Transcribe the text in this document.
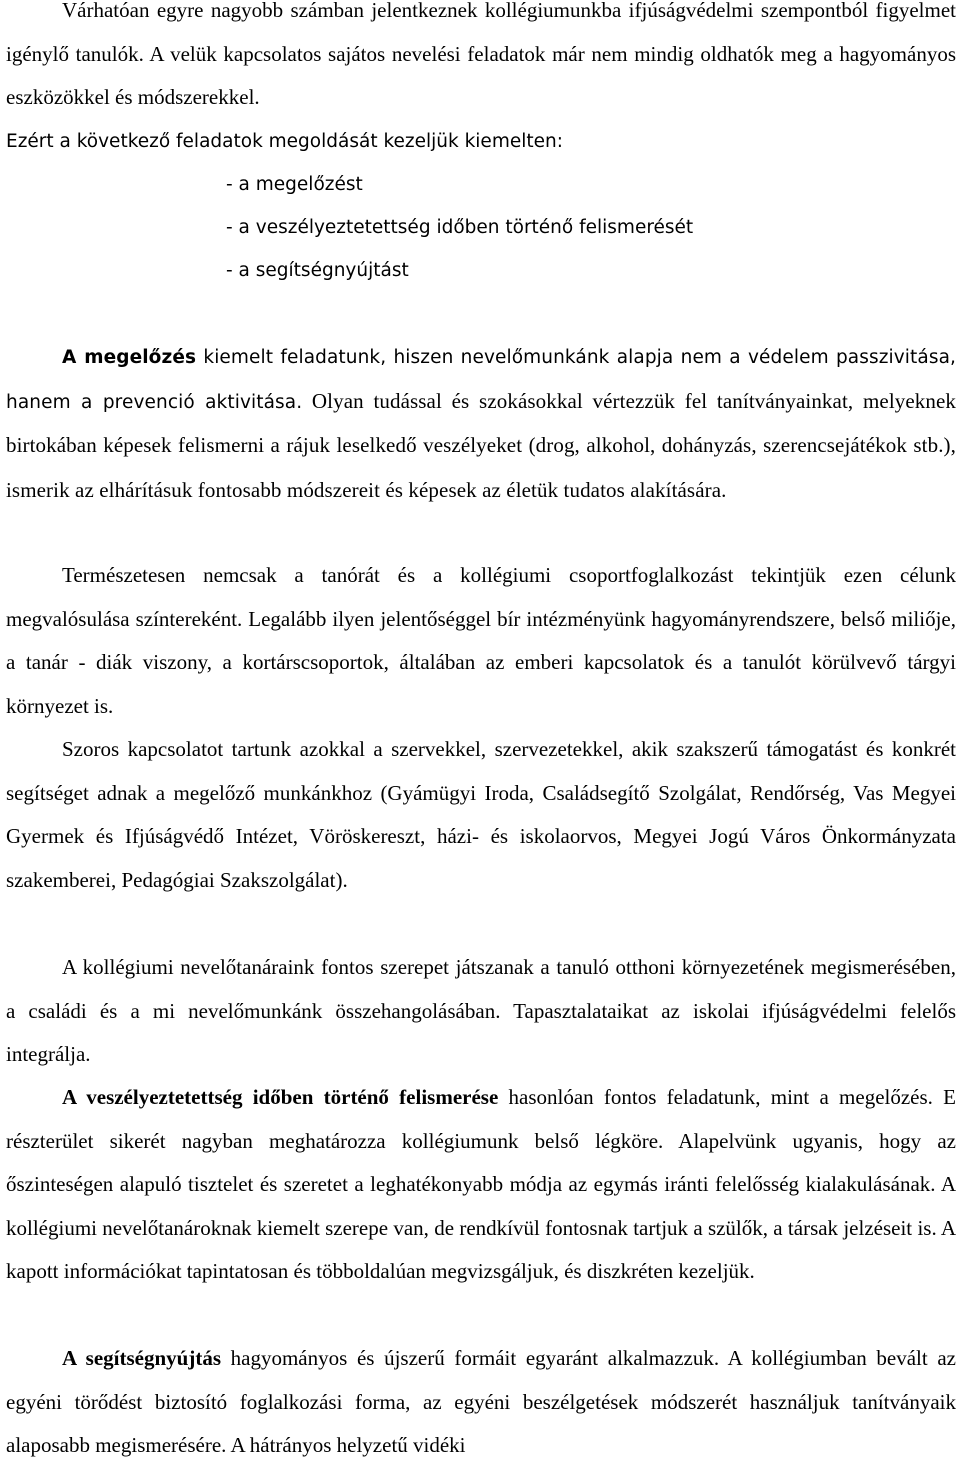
Várhatóan egyre nagyobb számban jelentkeznek kollégiumunkba ifjúságvédelmi szempontból figyelmet igénylő tanulók. A velük kapcsolatos sajátos nevelési feladatok már nem mindig oldhatók meg a hagyományos eszközökkel és módszerekkel.

Ezért a következő feladatok megoldását kezeljük kiemelten:

- a megelőzést

- a veszélyeztetettség időben történő felismerését

- a segítségnyújtást

A megelőzés kiemelt feladatunk, hiszen nevelőmunkánk alapja nem a védelem passzivitása, hanem a prevenció aktivitása. Olyan tudással és szokásokkal vértezzük fel tanítványainkat, melyeknek birtokában képesek felismerni a rájuk leselkedő veszélyeket (drog, alkohol, dohányzás, szerencsejátékok stb.), ismerik az elhárításuk fontosabb módszereit és képesek az életük tudatos alakítására.

Természetesen nemcsak a tanórát és a kollégiumi csoportfoglalkozást tekintjük ezen célunk megvalósulása színtereként. Legalább ilyen jelentőséggel bír intézményünk hagyományrendszere, belső miliője, a tanár - diák viszony, a kortárscsoportok, általában az emberi kapcsolatok és a tanulót körülvevő tárgyi környezet is.

Szoros kapcsolatot tartunk azokkal a szervekkel, szervezetekkel, akik szakszerű támogatást és konkrét segítséget adnak a megelőző munkánkhoz (Gyámügyi Iroda, Családsegítő Szolgálat, Rendőrség, Vas Megyei Gyermek és Ifjúságvédő Intézet, Vöröskereszt, házi- és iskolaorvos, Megyei Jogú Város Önkormányzata szakemberei, Pedagógiai Szakszolgálat).

A kollégiumi nevelőtanáraink fontos szerepet játszanak a tanuló otthoni környezetének megismerésében, a családi és a mi nevelőmunkánk összehangolásában. Tapasztalataikat az iskolai ifjúságvédelmi felelős integrálja.

A veszélyeztetettség időben történő felismerése hasonlóan fontos feladatunk, mint a megelőzés. E részterület sikerét nagyban meghatározza kollégiumunk belső légköre. Alapelvünk ugyanis, hogy az őszinteségen alapuló tisztelet és szeretet a leghatékonyabb módja az egymás iránti felelősség kialakulásának. A kollégiumi nevelőtanároknak kiemelt szerepe van, de rendkívül fontosnak tartjuk a szülők, a társak jelzéseit is. A kapott információkat tapintatosan és többoldalúan megvizsgáljuk, és diszkréten kezeljük.

A segítségnyújtás hagyományos és újszerű formáit egyaránt alkalmazzuk. A kollégiumban bevált az egyéni törődést biztosító foglalkozási forma, az egyéni beszélgetések módszerét használjuk tanítványaik alaposabb megismerésére. A hátrányos helyzetű vidéki
